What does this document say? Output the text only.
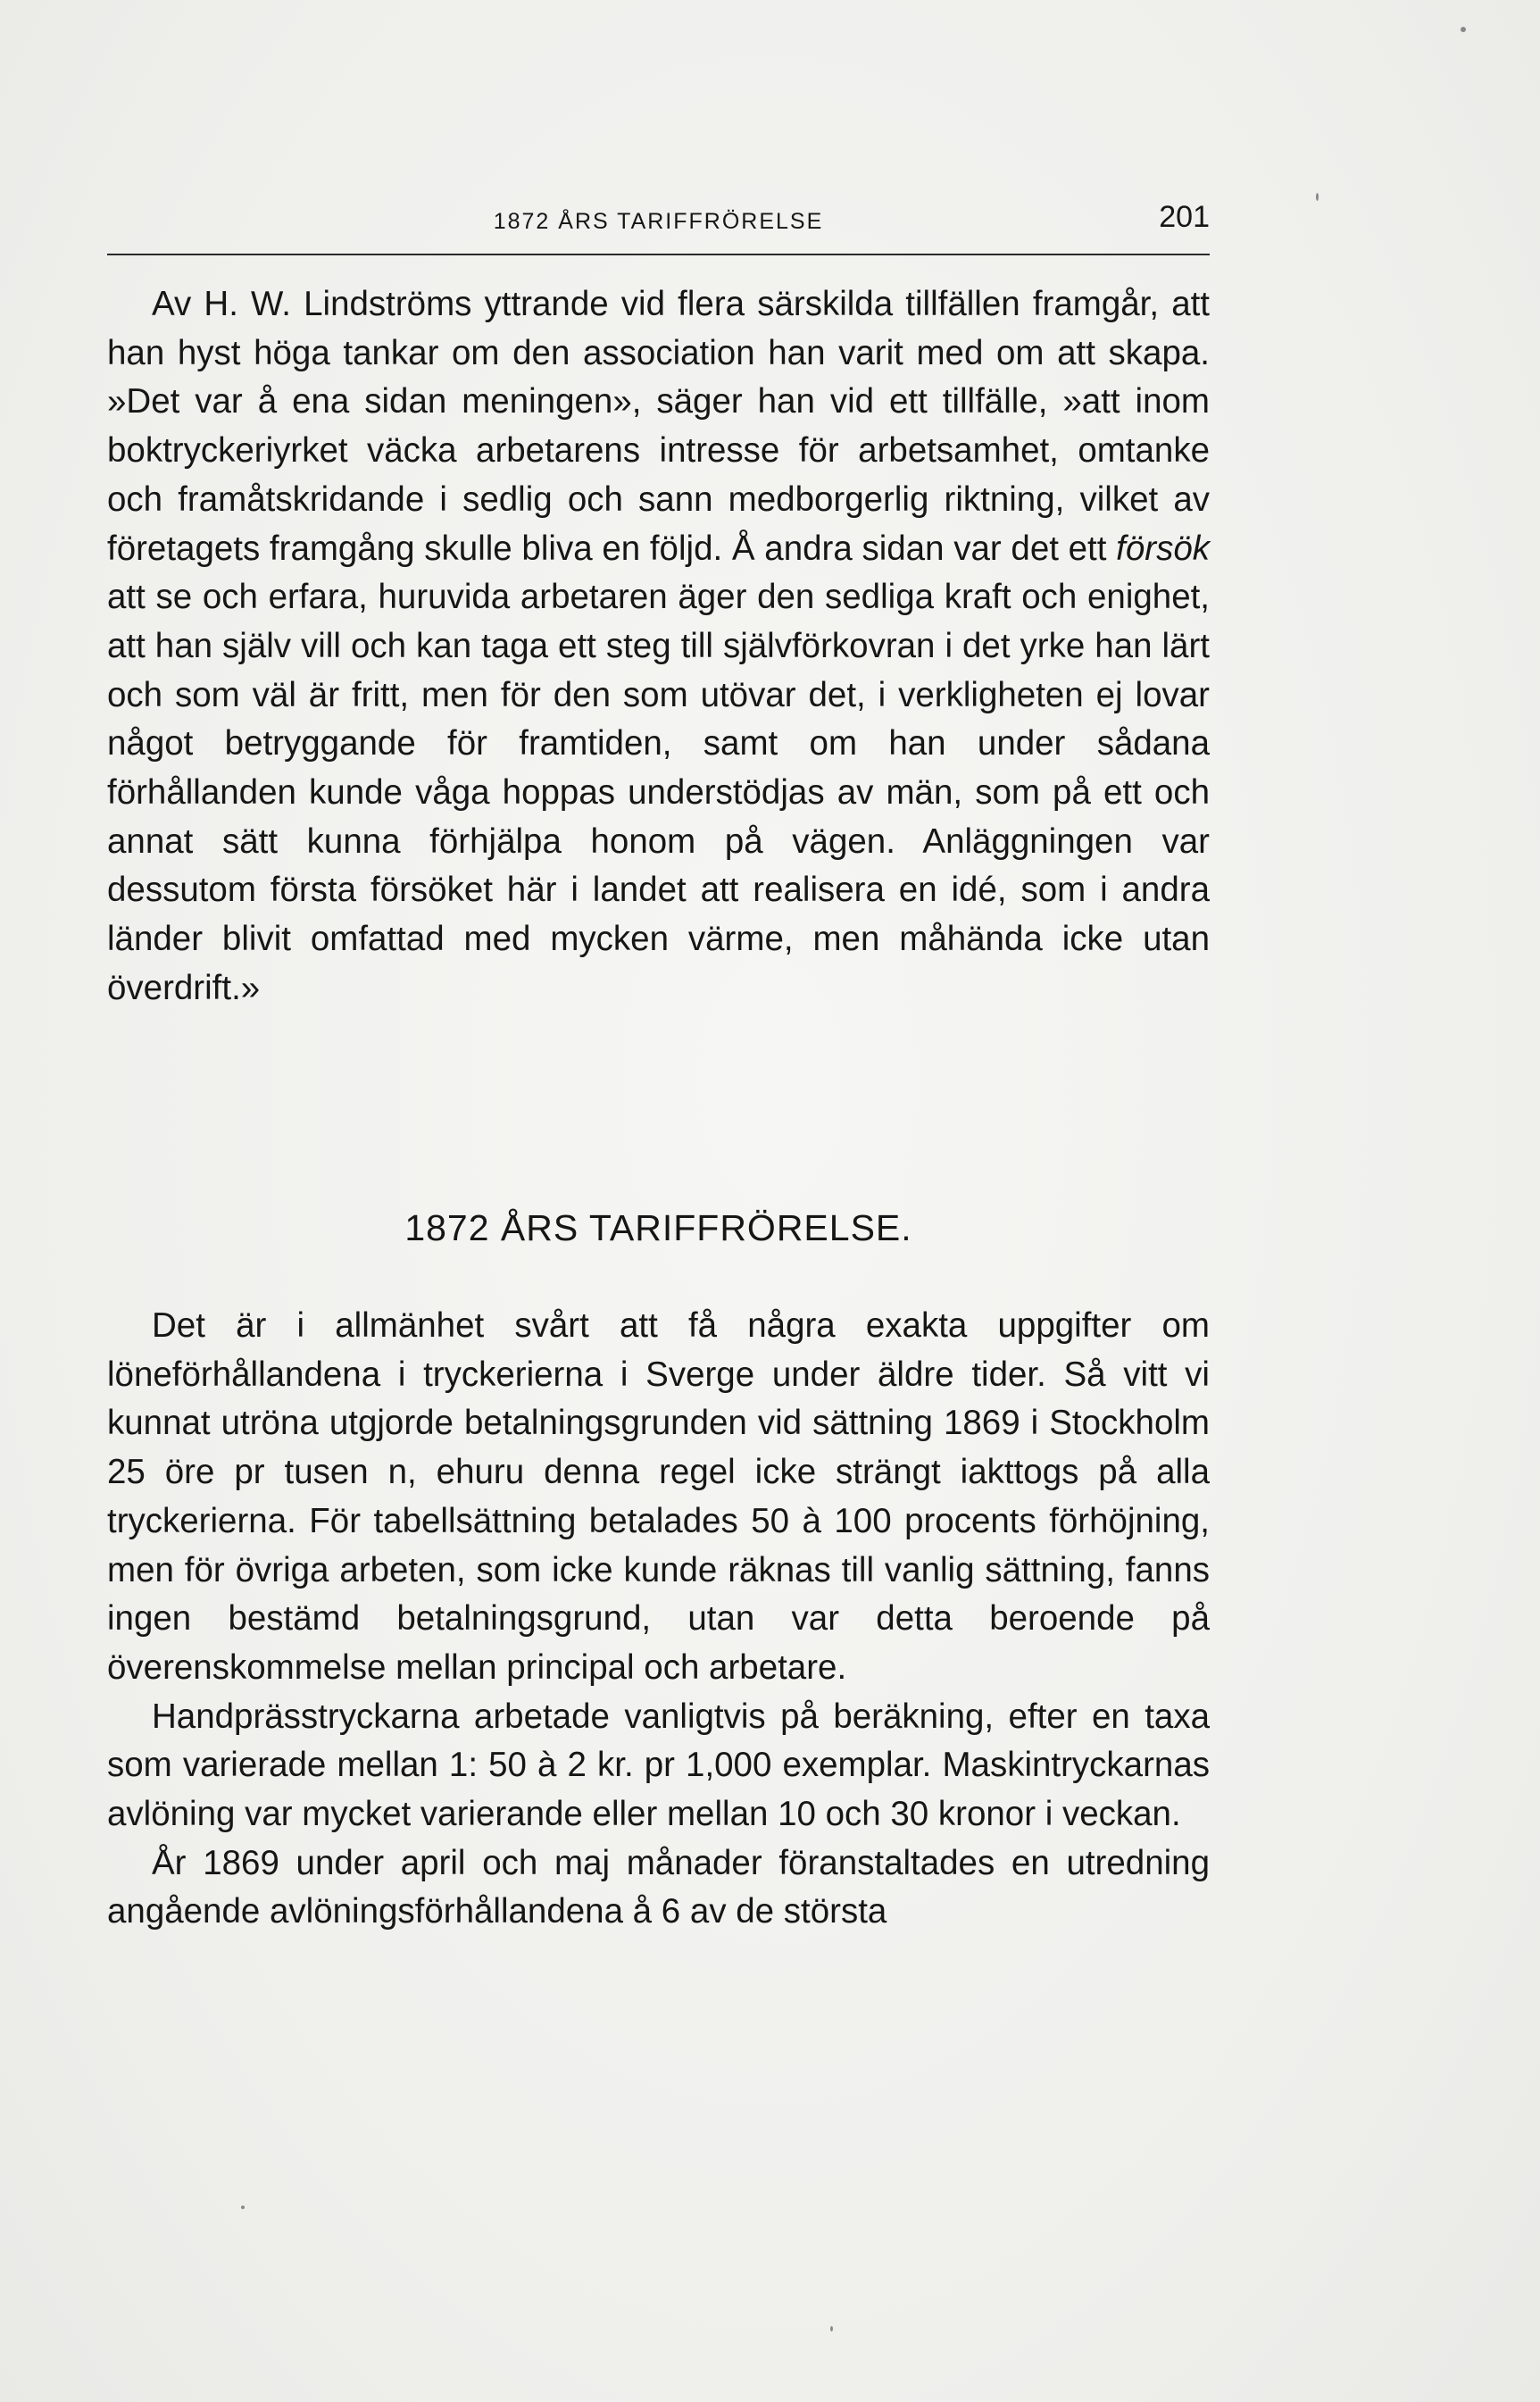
1872 ÅRS TARIFFRÖRELSE	201

Av H. W. Lindströms yttrande vid flera särskilda tillfällen framgår, att han hyst höga tankar om den association han varit med om att skapa. »Det var å ena sidan meningen», säger han vid ett tillfälle, »att inom boktryckeriyrket väcka arbetarens intresse för arbetsamhet, omtanke och framåtskridande i sedlig och sann medborgerlig riktning, vilket av företagets framgång skulle bliva en följd. Å andra sidan var det ett försök att se och erfara, huruvida arbetaren äger den sedliga kraft och enighet, att han själv vill och kan taga ett steg till självförkovran i det yrke han lärt och som väl är fritt, men för den som utövar det, i verkligheten ej lovar något betryggande för framtiden, samt om han under sådana förhållanden kunde våga hoppas understödjas av män, som på ett och annat sätt kunna förhjälpa honom på vägen. Anläggningen var dessutom första försöket här i landet att realisera en idé, som i andra länder blivit omfattad med mycken värme, men måhända icke utan överdrift.»

1872 ÅRS TARIFFRÖRELSE.

Det är i allmänhet svårt att få några exakta uppgifter om löneförhållandena i tryckerierna i Sverge under äldre tider. Så vitt vi kunnat utröna utgjorde betalningsgrunden vid sättning 1869 i Stockholm 25 öre pr tusen n, ehuru denna regel icke strängt iakttogs på alla tryckerierna. För tabellsättning betalades 50 à 100 procents förhöjning, men för övriga arbeten, som icke kunde räknas till vanlig sättning, fanns ingen bestämd betalningsgrund, utan var detta beroende på överenskommelse mellan principal och arbetare.

Handprässtryckarna arbetade vanligtvis på beräkning, efter en taxa som varierade mellan 1: 50 à 2 kr. pr 1,000 exemplar. Maskintryckarnas avlöning var mycket varierande eller mellan 10 och 30 kronor i veckan.

År 1869 under april och maj månader föranstaltades en utredning angående avlöningsförhållandena å 6 av de största
